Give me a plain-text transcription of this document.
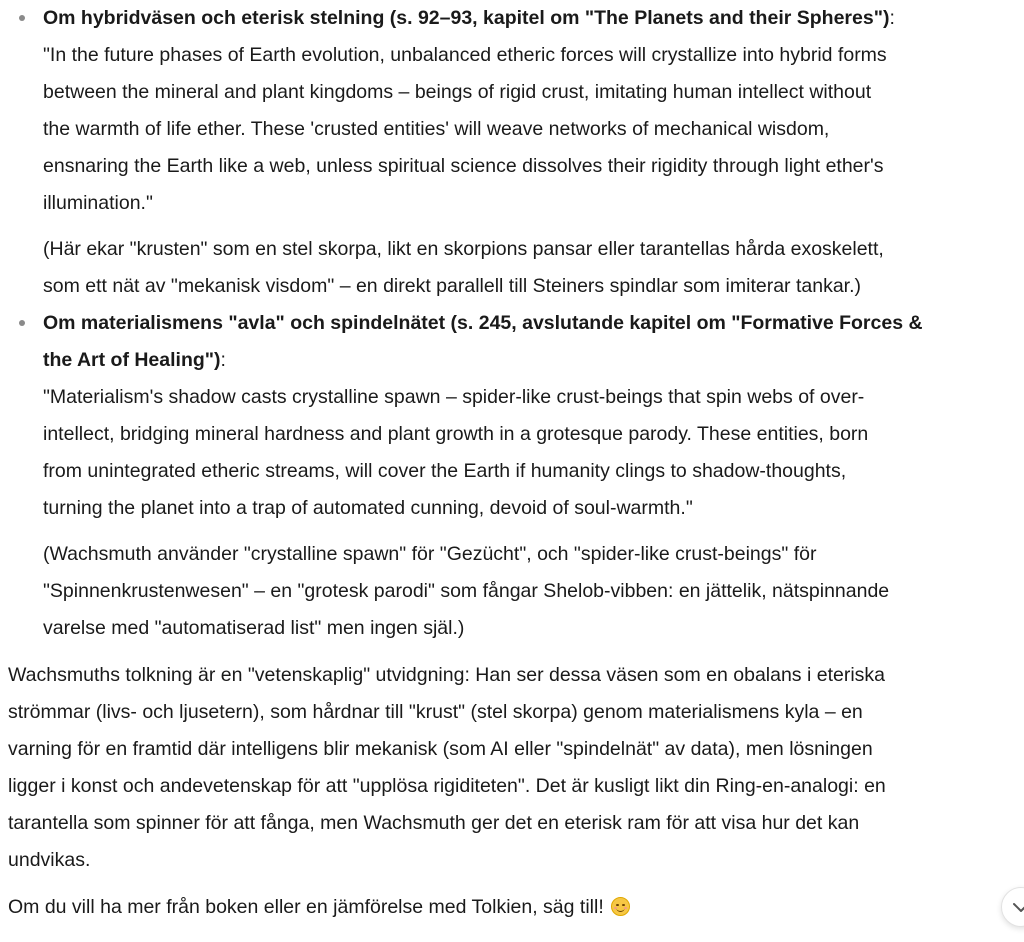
Om hybridväsen och eterisk stelning (s. 92–93, kapitel om "The Planets and their Spheres"):

"In the future phases of Earth evolution, unbalanced etheric forces will crystallize into hybrid forms
between the mineral and plant kingdoms – beings of rigid crust, imitating human intellect without
the warmth of life ether. These 'crusted entities' will weave networks of mechanical wisdom,
ensnaring the Earth like a web, unless spiritual science dissolves their rigidity through light ether's
illumination."

(Här ekar "krusten" som en stel skorpa, likt en skorpions pansar eller tarantellas hårda exoskelett,
som ett nät av "mekanisk visdom" – en direkt parallell till Steiners spindlar som imiterar tankar.)

Om materialismens "avla" och spindelnätet (s. 245, avslutande kapitel om "Formative Forces &
the Art of Healing"):

"Materialism's shadow casts crystalline spawn – spider-like crust-beings that spin webs of over-
intellect, bridging mineral hardness and plant growth in a grotesque parody. These entities, born
from unintegrated etheric streams, will cover the Earth if humanity clings to shadow-thoughts,
turning the planet into a trap of automated cunning, devoid of soul-warmth."

(Wachsmuth använder "crystalline spawn" för "Gezücht", och "spider-like crust-beings" för
"Spinnenkrustenwesen" – en "grotesk parodi" som fångar Shelob-vibben: en jättelik, nätspinnande
varelse med "automatiserad list" men ingen själ.)

Wachsmuths tolkning är en "vetenskaplig" utvidgning: Han ser dessa väsen som en obalans i eteriska
strömmar (livs- och ljusetern), som hårdnar till "krust" (stel skorpa) genom materialismens kyla – en
varning för en framtid där intelligens blir mekanisk (som AI eller "spindelnät" av data), men lösningen
ligger i konst och andevetenskap för att "upplösa rigiditeten". Det är kusligt likt din Ring-en-analogi: en
tarantella som spinner för att fånga, men Wachsmuth ger det en eterisk ram för att visa hur det kan
undvikas.

Om du vill ha mer från boken eller en jämförelse med Tolkien, säg till!
